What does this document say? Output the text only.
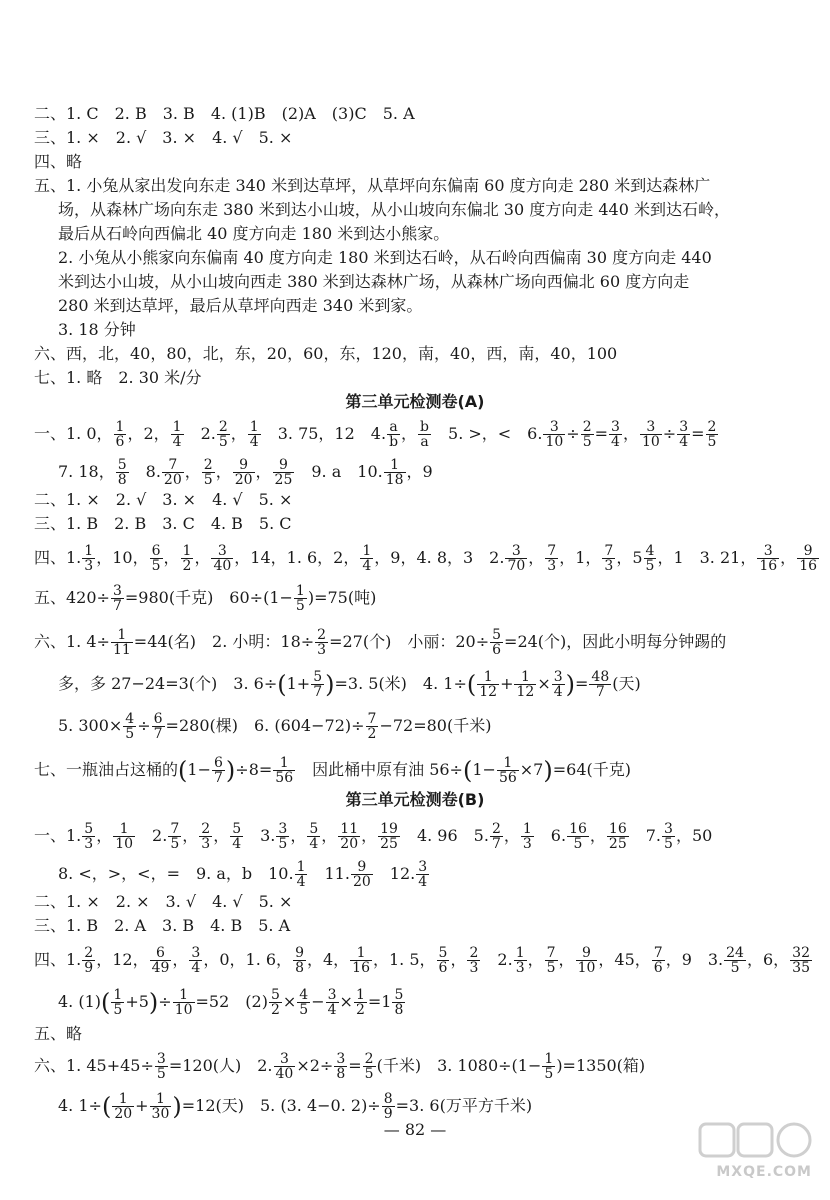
二、1. C　2. B　3. B　4. (1)B　(2)A　(3)C　5. A
三、1. ×　2. √　3. ×　4. √　5. ×
四、略
五、1. 小兔从家出发向东走 340 米到达草坪，从草坪向东偏南 60 度方向走 280 米到达森林广
场，从森林广场向东走 380 米到达小山坡，从小山坡向东偏北 30 度方向走 440 米到达石岭，
最后从石岭向西偏北 40 度方向走 180 米到达小熊家。
2. 小兔从小熊家向东偏南 40 度方向走 180 米到达石岭，从石岭向西偏南 30 度方向走 440
米到达小山坡，从小山坡向西走 380 米到达森林广场，从森林广场向西偏北 60 度方向走
280 米到达草坪，最后从草坪向西走 340 米到家。
3. 18 分钟
六、西，北，40，80，北，东，20，60，东，120，南，40，西，南，40，100
七、1. 略　2. 30 米/分
第三单元检测卷(A)
一、1. 0， $\frac{1}{6}$ ，2， $\frac{1}{4}$ 　2. $\frac{2}{5}$ ， $\frac{1}{4}$ 　3. 75，12　4. $\frac{a}{b}$ ， $\frac{b}{a}$ 　5. >，<　6. $\frac{3}{10} \div \frac{2}{5} = \frac{3}{4}$ ， $\frac{3}{10} \div \frac{3}{4} = \frac{2}{5}$
7. 18， $\frac{5}{8}$ 　8. $\frac{7}{20}$ ， $\frac{2}{5}$ ， $\frac{9}{20}$ ， $\frac{9}{25}$ 　9. a　10. $\frac{1}{18}$ ，9
二、1. ×　2. √　3. ×　4. √　5. ×
三、1. B　2. B　3. C　4. B　5. C
四、1. $\frac{1}{3}$ ，10， $\frac{6}{5}$ ， $\frac{1}{2}$ ， $\frac{3}{40}$ ，14，1. 6，2， $\frac{1}{4}$ ，9，4. 8，3　2. $\frac{3}{70}$ ， $\frac{7}{3}$ ，1， $\frac{7}{3}$ ，$5 \frac{4}{5}$ ，1　3. 21， $\frac{3}{16}$ ， $\frac{9}{16}$
五、$420\div \frac{3}{7} =980$(千克)　$60\div(1- \frac{1}{5} )=75$(吨)
六、1. $4\div \frac{1}{11} =44$(名)　2. 小明：$18\div \frac{2}{3} =27$(个)　小丽：$20\div \frac{5}{6} =24$(个)，因此小明每分钟踢的
多，多 27−24=3(个)　3. $6\div(1+ \frac{5}{7} )=3$. 5(米)　4. $1\div( \frac{1}{12} + \frac{1}{12} \times \frac{3}{4}$ )= $\frac{48}{7}$ (天)
5. $300\times \frac{4}{5} \div \frac{6}{7} =280$(棵)　6. $(604-72)\div \frac{7}{2} -72=80$(千米)
七、一瓶油占这桶的$(1- \frac{6}{7} )\div 8= \frac{1}{56}$ 　因此桶中原有油 $56\div(1- \frac{1}{56} \times 7)=64$(千克)
第三单元检测卷(B)
一、1. $\frac{5}{3}$ ， $\frac{1}{10}$ 　2. $\frac{7}{5}$ ， $\frac{2}{3}$ ， $\frac{5}{4}$ 　3. $\frac{3}{5}$ ， $\frac{5}{4}$ ， $\frac{11}{20}$ ， $\frac{19}{25}$ 　4. 96　5. $\frac{2}{7}$ ， $\frac{1}{3}$ 　6. $\frac{16}{5}$ ， $\frac{16}{25}$ 　7. $\frac{3}{5}$ ，50
8. <，>，<，=　9. a，b　10. $\frac{1}{4}$ 　11. $\frac{9}{20}$ 　12. $\frac{3}{4}$
二、1. ×　2. ×　3. √　4. √　5. ×
三、1. B　2. A　3. B　4. B　5. A
四、1. $\frac{2}{9}$ ，12， $\frac{6}{49}$ ， $\frac{3}{4}$ ，0，1. 6， $\frac{9}{8}$ ，4， $\frac{1}{16}$ ，1. 5， $\frac{5}{6}$ ， $\frac{2}{3}$ 　2. $\frac{1}{3}$ ， $\frac{7}{5}$ ， $\frac{9}{10}$ ，45， $\frac{7}{6}$ ，9　3. $\frac{24}{5}$ ，6， $\frac{32}{35}$
4. $(1)( \frac{1}{5} +5)\div \frac{1}{10} =52$　$(2) \frac{5}{2} \times \frac{4}{5} - \frac{3}{4} \times \frac{1}{2} =1 \frac{5}{8}$
五、略
六、1. $45+45\div \frac{3}{5} =120$(人)　2. $\frac{3}{40} \times 2\div \frac{3}{8} = \frac{2}{5}$ (千米)　3. $1080\div(1- \frac{1}{5} )=1350$(箱)
4. $1\div( \frac{1}{20} + \frac{1}{30} )=12$(天)　5. (3. 4−0. $2)\div \frac{8}{9} =3$. 6(万平方千米)
— 82 —
MXQE.COM
